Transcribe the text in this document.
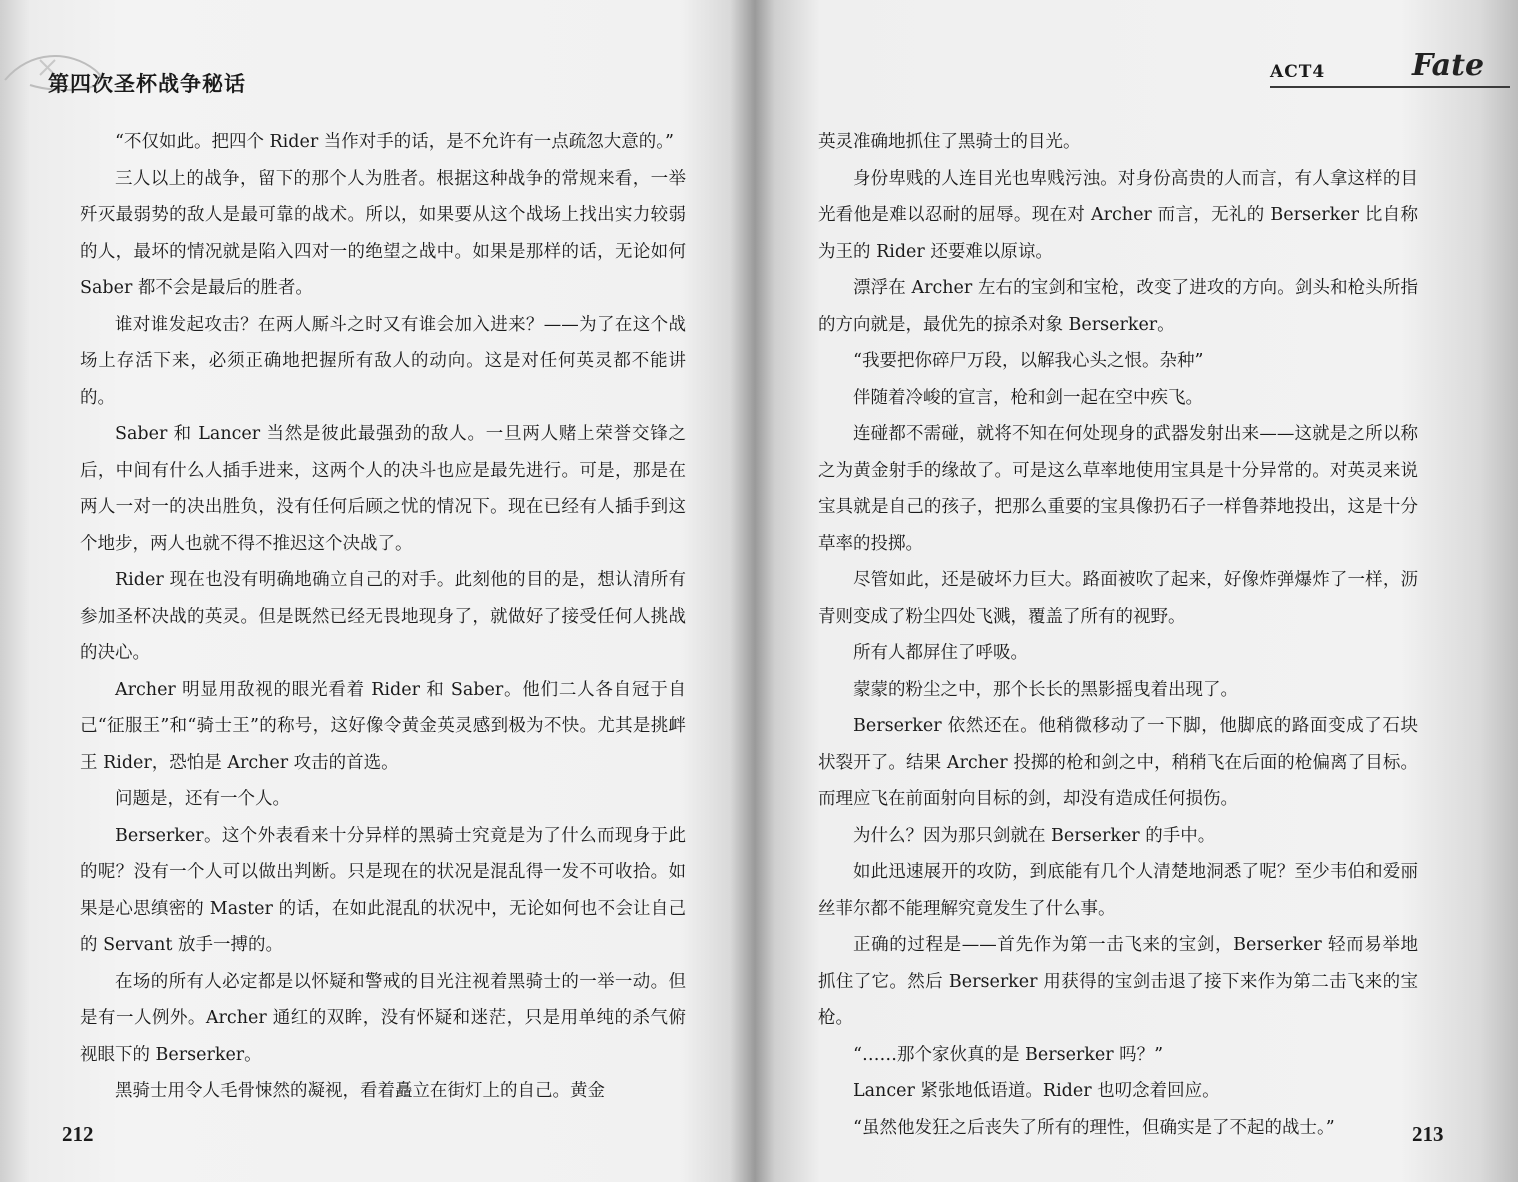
第四次圣杯战争秘话

“不仅如此。把四个 Rider 当作对手的话，是不允许有一点疏忽大意的。”

三人以上的战争，留下的那个人为胜者。根据这种战争的常规来看，一举歼灭最弱势的敌人是最可靠的战术。所以，如果要从这个战场上找出实力较弱的人，最坏的情况就是陷入四对一的绝望之战中。如果是那样的话，无论如何 Saber 都不会是最后的胜者。

谁对谁发起攻击？在两人厮斗之时又有谁会加入进来？——为了在这个战场上存活下来，必须正确地把握所有敌人的动向。这是对任何英灵都不能讲的。

Saber 和 Lancer 当然是彼此最强劲的敌人。一旦两人赌上荣誉交锋之后，中间有什么人插手进来，这两个人的决斗也应是最先进行。可是，那是在两人一对一的决出胜负，没有任何后顾之忧的情况下。现在已经有人插手到这个地步，两人也就不得不推迟这个决战了。

Rider 现在也没有明确地确立自己的对手。此刻他的目的是，想认清所有参加圣杯决战的英灵。但是既然已经无畏地现身了，就做好了接受任何人挑战的决心。

Archer 明显用敌视的眼光看着 Rider 和 Saber。他们二人各自冠于自己“征服王”和“骑士王”的称号，这好像令黄金英灵感到极为不快。尤其是挑衅王 Rider，恐怕是 Archer 攻击的首选。

问题是，还有一个人。

Berserker。这个外表看来十分异样的黑骑士究竟是为了什么而现身于此的呢？没有一个人可以做出判断。只是现在的状况是混乱得一发不可收拾。如果是心思缜密的 Master 的话，在如此混乱的状况中，无论如何也不会让自己的 Servant 放手一搏的。

在场的所有人必定都是以怀疑和警戒的目光注视着黑骑士的一举一动。但是有一人例外。Archer 通红的双眸，没有怀疑和迷茫，只是用单纯的杀气俯视眼下的 Berserker。

黑骑士用令人毛骨悚然的凝视，看着矗立在街灯上的自己。黄金

212
ACT4	Fate

英灵准确地抓住了黑骑士的目光。

身份卑贱的人连目光也卑贱污浊。对身份高贵的人而言，有人拿这样的目光看他是难以忍耐的屈辱。现在对 Archer 而言，无礼的 Berserker 比自称为王的 Rider 还要难以原谅。

漂浮在 Archer 左右的宝剑和宝枪，改变了进攻的方向。剑头和枪头所指的方向就是，最优先的掠杀对象 Berserker。

“我要把你碎尸万段，以解我心头之恨。杂种”

伴随着冷峻的宣言，枪和剑一起在空中疾飞。

连碰都不需碰，就将不知在何处现身的武器发射出来——这就是之所以称之为黄金射手的缘故了。可是这么草率地使用宝具是十分异常的。对英灵来说宝具就是自己的孩子，把那么重要的宝具像扔石子一样鲁莽地投出，这是十分草率的投掷。

尽管如此，还是破坏力巨大。路面被吹了起来，好像炸弹爆炸了一样，沥青则变成了粉尘四处飞溅，覆盖了所有的视野。

所有人都屏住了呼吸。

蒙蒙的粉尘之中，那个长长的黑影摇曳着出现了。

Berserker 依然还在。他稍微移动了一下脚，他脚底的路面变成了石块状裂开了。结果 Archer 投掷的枪和剑之中，稍稍飞在后面的枪偏离了目标。而理应飞在前面射向目标的剑，却没有造成任何损伤。

为什么？因为那只剑就在 Berserker 的手中。

如此迅速展开的攻防，到底能有几个人清楚地洞悉了呢？至少韦伯和爱丽丝菲尔都不能理解究竟发生了什么事。

正确的过程是——首先作为第一击飞来的宝剑，Berserker 轻而易举地抓住了它。然后 Berserker 用获得的宝剑击退了接下来作为第二击飞来的宝枪。

“……那个家伙真的是 Berserker 吗？”

Lancer 紧张地低语道。Rider 也叨念着回应。

“虽然他发狂之后丧失了所有的理性，但确实是了不起的战士。”	213
